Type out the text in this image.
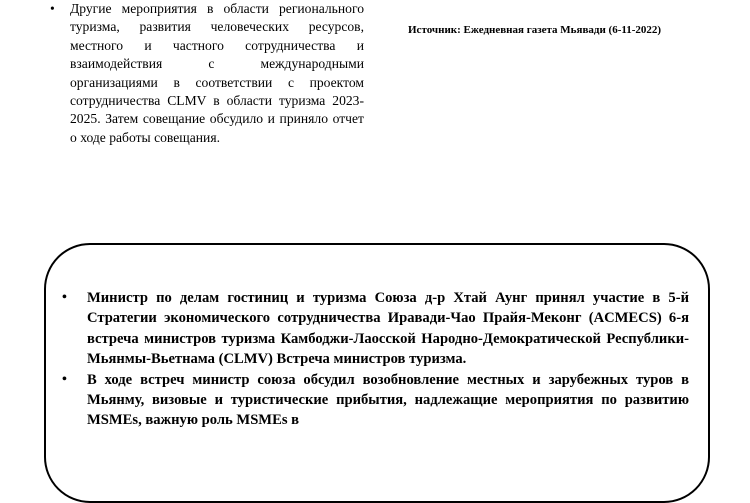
• Другие мероприятия в области регионального туризма, развития человеческих ресурсов, местного и частного сотрудничества и взаимодействия с международными организациями в соответствии с проектом сотрудничества CLMV в области туризма 2023-2025. Затем совещание обсудило и приняло отчет о ходе работы совещания.
Источник: Ежедневная газета Мьявади (6-11-2022)
• Министр по делам гостиниц и туризма Союза д-р Хтай Аунг принял участие в 5-й Стратегии экономического сотрудничества Иравади-Чао Прайя-Меконг (ACMECS) 6-я встреча министров туризма Камбоджи-Лаосской Народно-Демократической Республики-Мьянмы-Вьетнама (CLMV) Встреча министров туризма.
• В ходе встреч министр союза обсудил возобновление местных и зарубежных туров в Мьянму, визовые и туристические прибытия, надлежащие мероприятия по развитию MSMEs, важную роль MSMEs в
